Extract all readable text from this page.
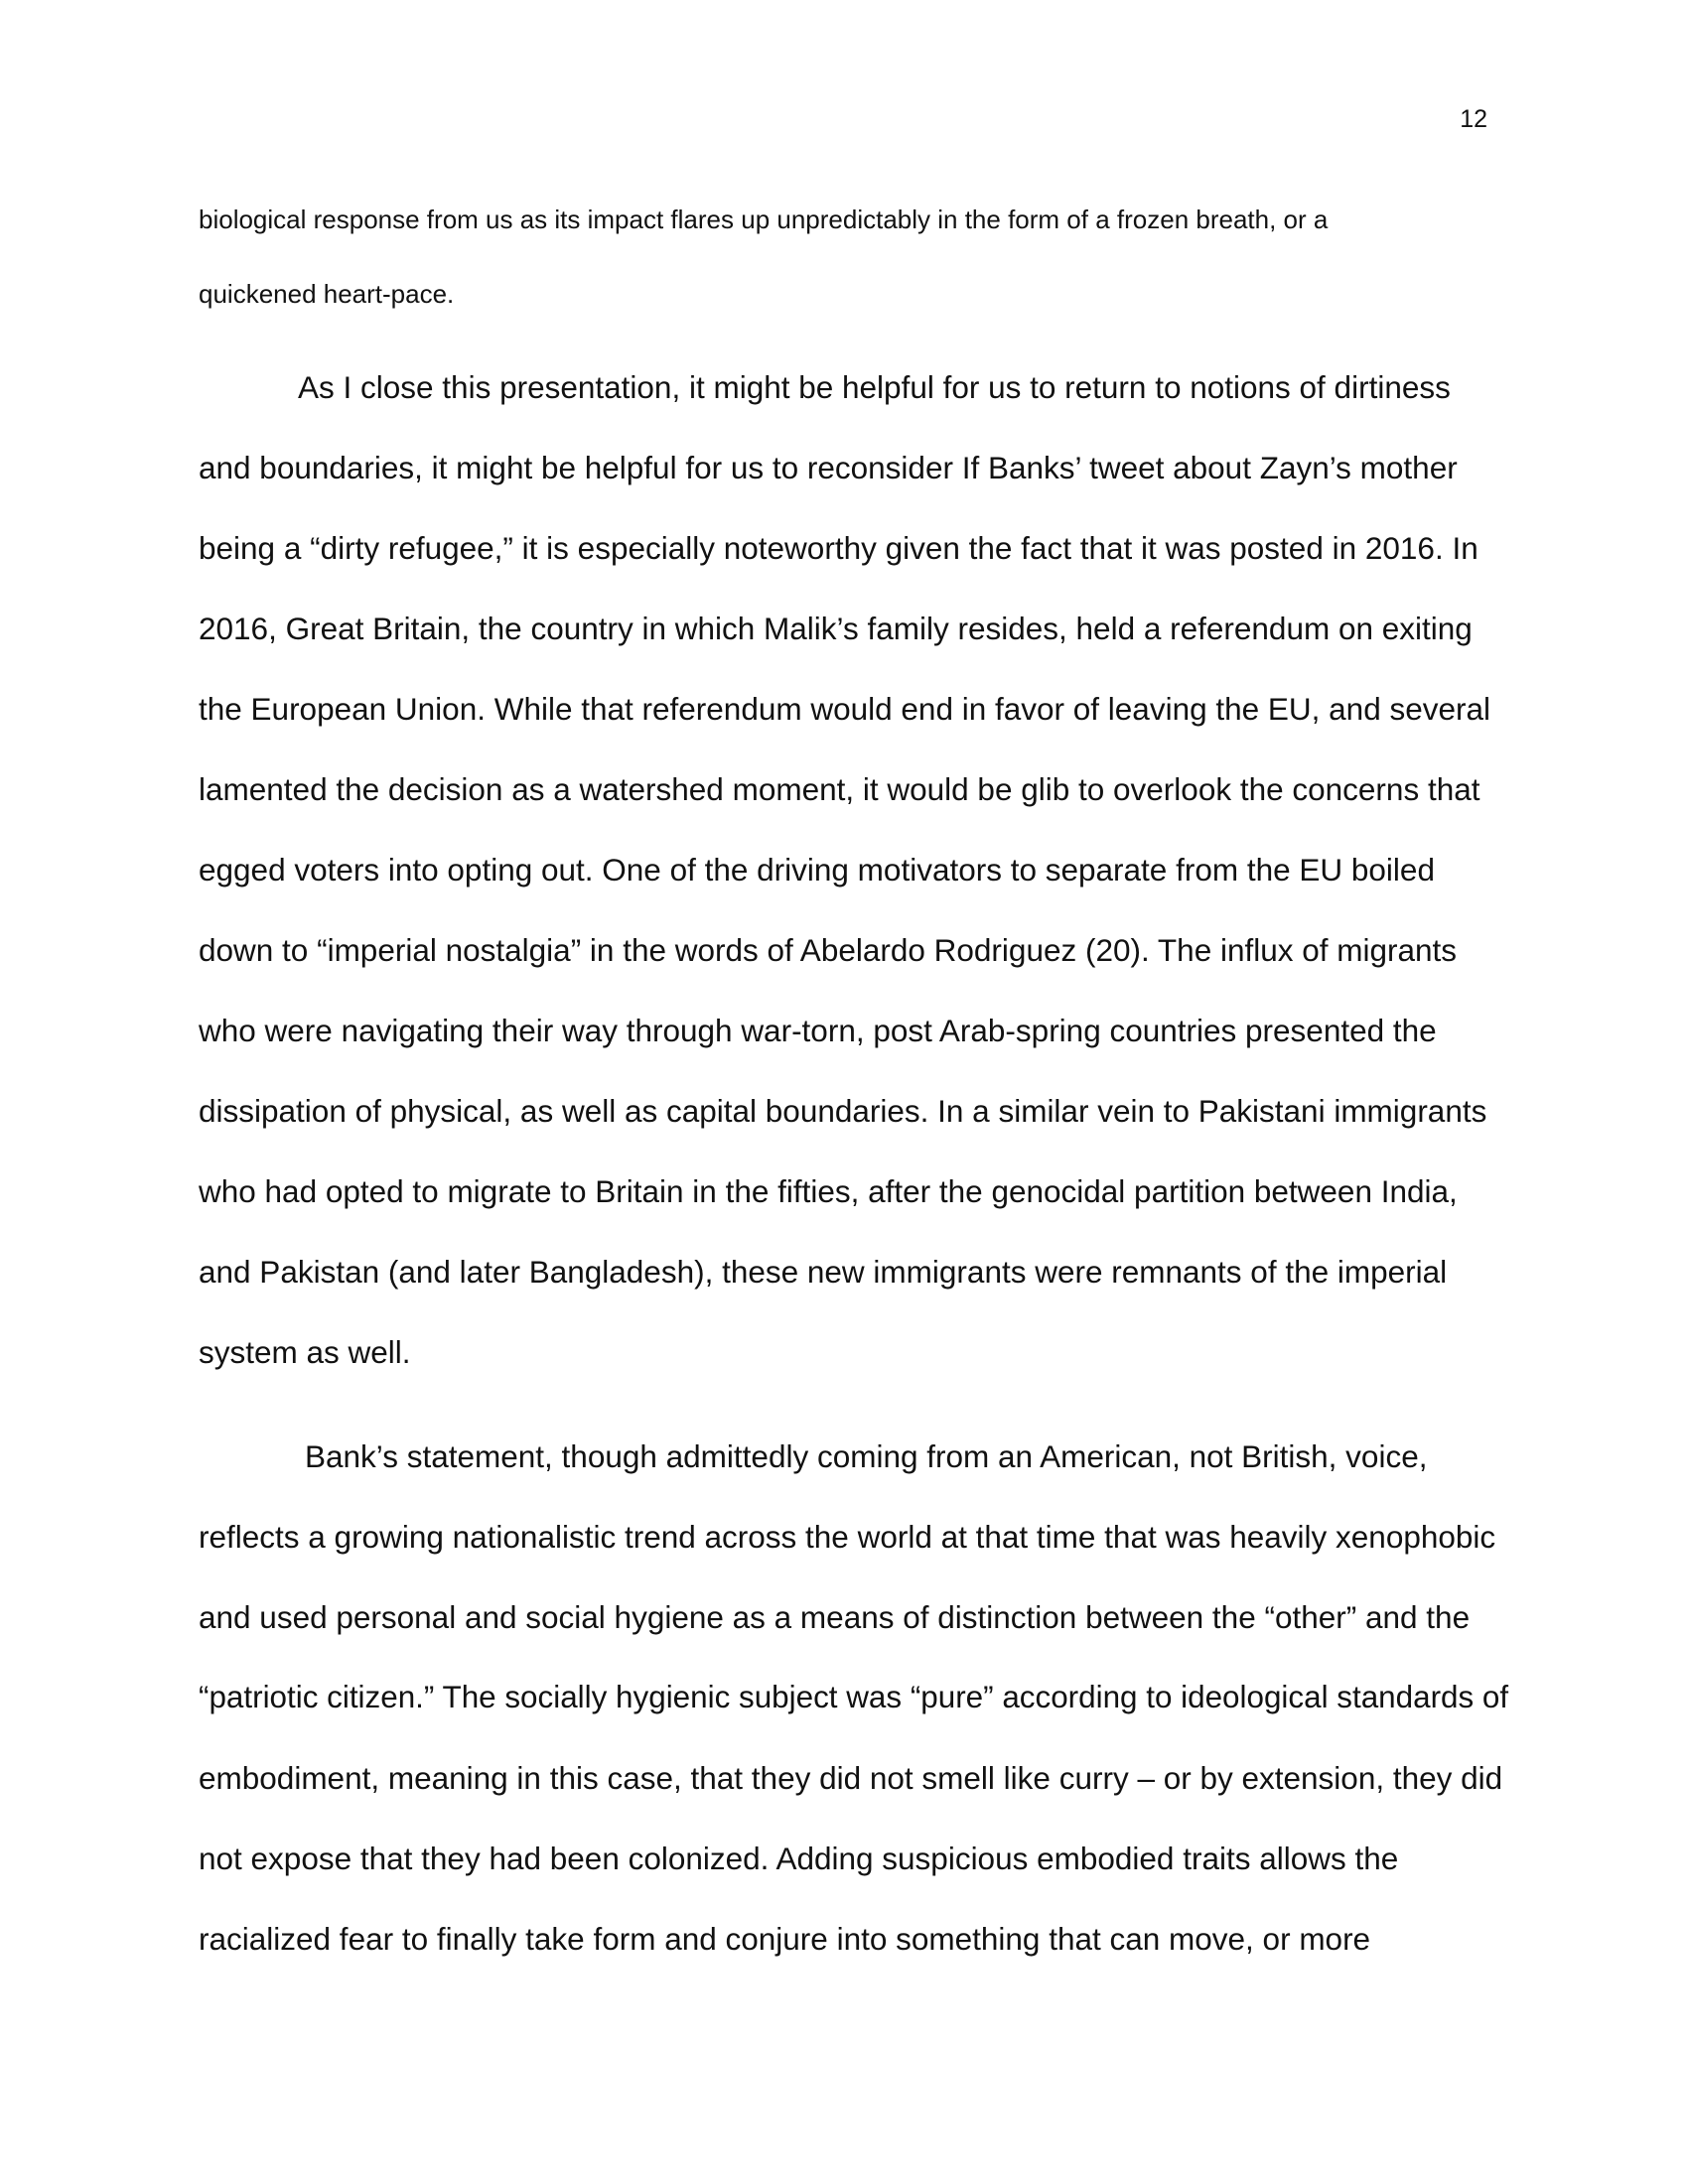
12

biological response from us as its impact flares up unpredictably in the form of a frozen breath, or a

quickened heart-pace.

As I close this presentation, it might be helpful for us to return to notions of dirtiness

and boundaries, it might be helpful for us to reconsider If Banks’ tweet about Zayn’s mother

being a “dirty refugee,” it is especially noteworthy given the fact that it was posted in 2016. In

2016, Great Britain, the country in which Malik’s family resides, held a referendum on exiting

the European Union. While that referendum would end in favor of leaving the EU, and several

lamented the decision as a watershed moment, it would be glib to overlook the concerns that

egged voters into opting out. One of the driving motivators to separate from the EU boiled

down to “imperial nostalgia” in the words of Abelardo Rodriguez (20). The influx of migrants

who were navigating their way through war-torn, post Arab-spring countries presented the

dissipation of physical, as well as capital boundaries. In a similar vein to Pakistani immigrants

who had opted to migrate to Britain in the fifties, after the genocidal partition between India,

and Pakistan (and later Bangladesh), these new immigrants were remnants of the imperial

system as well.

Bank’s statement, though admittedly coming from an American, not British, voice,

reflects a growing nationalistic trend across the world at that time that was heavily xenophobic

and used personal and social hygiene as a means of distinction between the “other” and the

“patriotic citizen.” The socially hygienic subject was “pure” according to ideological standards of

embodiment, meaning in this case, that they did not smell like curry – or by extension, they did

not expose that they had been colonized. Adding suspicious embodied traits allows the

racialized fear to finally take form and conjure into something that can move, or more
